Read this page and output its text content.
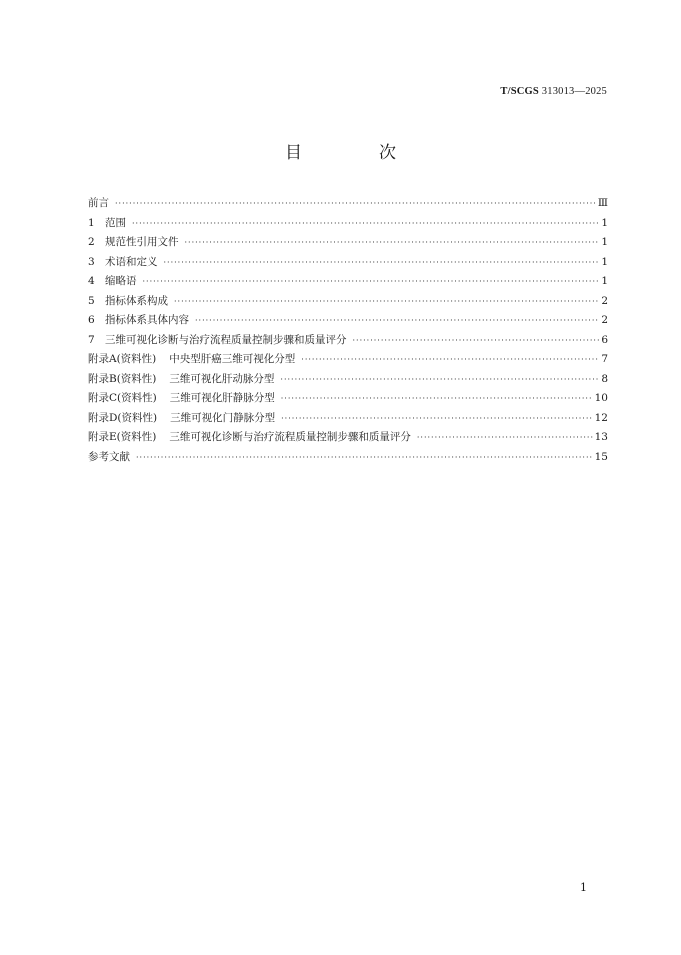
T/SCGS 313013—2025
目　次
前言 ·····	Ⅲ
1 范围 ·····	1
2 规范性引用文件 ·····	1
3 术语和定义 ·····	1
4 缩略语 ·····	1
5 指标体系构成 ·····	2
6 指标体系具体内容 ·····	2
7 三维可视化诊断与治疗流程质量控制步骤和质量评分 ·····	6
附录A(资料性) 中央型肝癌三维可视化分型 ·····	7
附录B(资料性) 三维可视化肝动脉分型 ·····	8
附录C(资料性) 三维可视化肝静脉分型 ·····	10
附录D(资料性) 三维可视化门静脉分型 ·····	12
附录E(资料性) 三维可视化诊断与治疗流程质量控制步骤和质量评分 ·····	13
参考文献 ·····	15
1
